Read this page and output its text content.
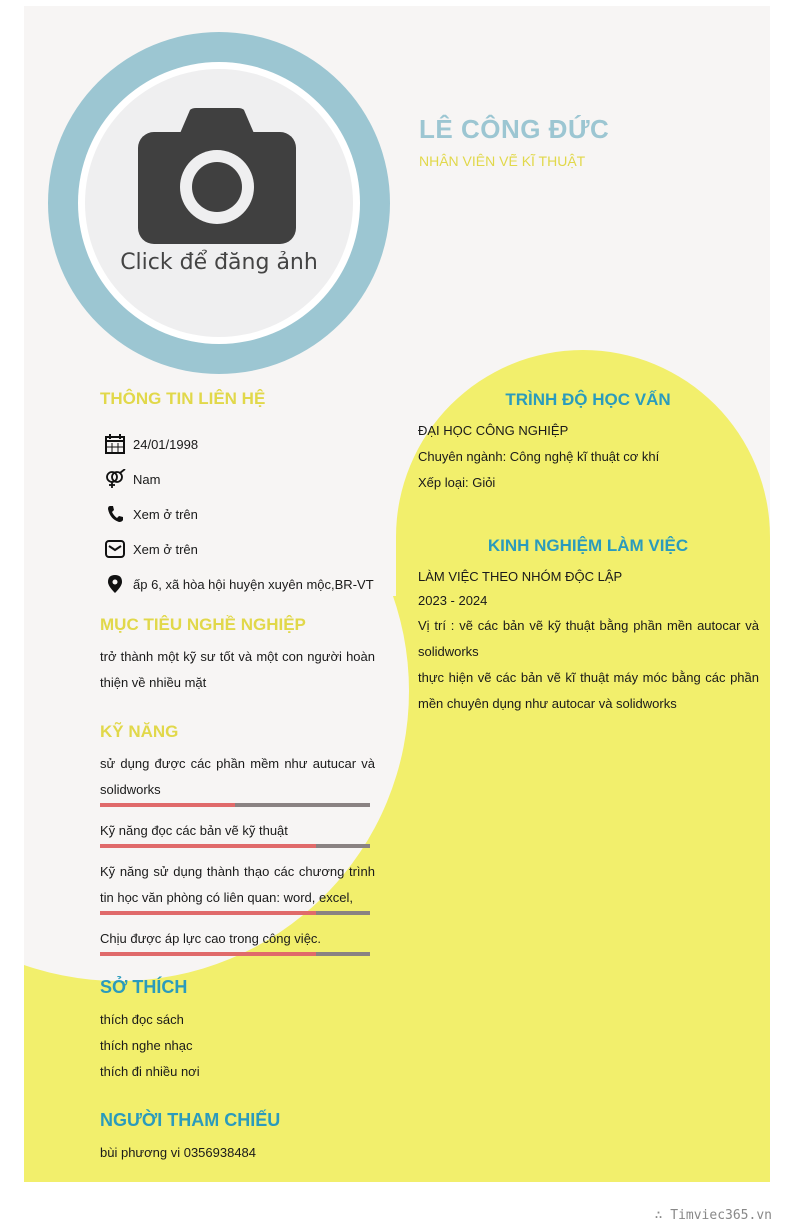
Click để đăng ảnh
LÊ CÔNG ĐỨC
NHÂN VIÊN VẼ KĨ THUẬT
THÔNG TIN LIÊN HỆ
24/01/1998
Nam
Xem ở trên
Xem ở trên
ấp 6, xã hòa hội huyện xuyên mộc,BR-VT
MỤC TIÊU NGHỀ NGHIỆP
trở thành một kỹ sư tốt và một con người hoàn thiện về nhiều mặt
KỸ NĂNG
sử dụng được các phần mềm như autucar và solidworks
Kỹ năng đọc các bản vẽ kỹ thuật
Kỹ năng sử dụng thành thạo các chương trình tin học văn phòng có liên quan: word, excel,
Chịu được áp lực cao trong công việc.
SỞ THÍCH
thích đọc sách
thích nghe nhạc
thích đi nhiều nơi
NGƯỜI THAM CHIẾU
bùi phương vi 0356938484
TRÌNH ĐỘ HỌC VẤN
ĐẠI HỌC CÔNG NGHIỆP
Chuyên ngành: Công nghệ kĩ thuật cơ khí
Xếp loại: Giỏi
KINH NGHIỆM LÀM VIỆC
LÀM VIỆC THEO NHÓM ĐỘC LẬP
2023 - 2024
Vị trí : vẽ các bản vẽ kỹ thuật bằng phần mền autocar và solidworks
thực hiện vẽ các bản vẽ kĩ thuật máy móc bằng các phần mền chuyên dụng như autocar và solidworks
∴ Timviec365.vn
